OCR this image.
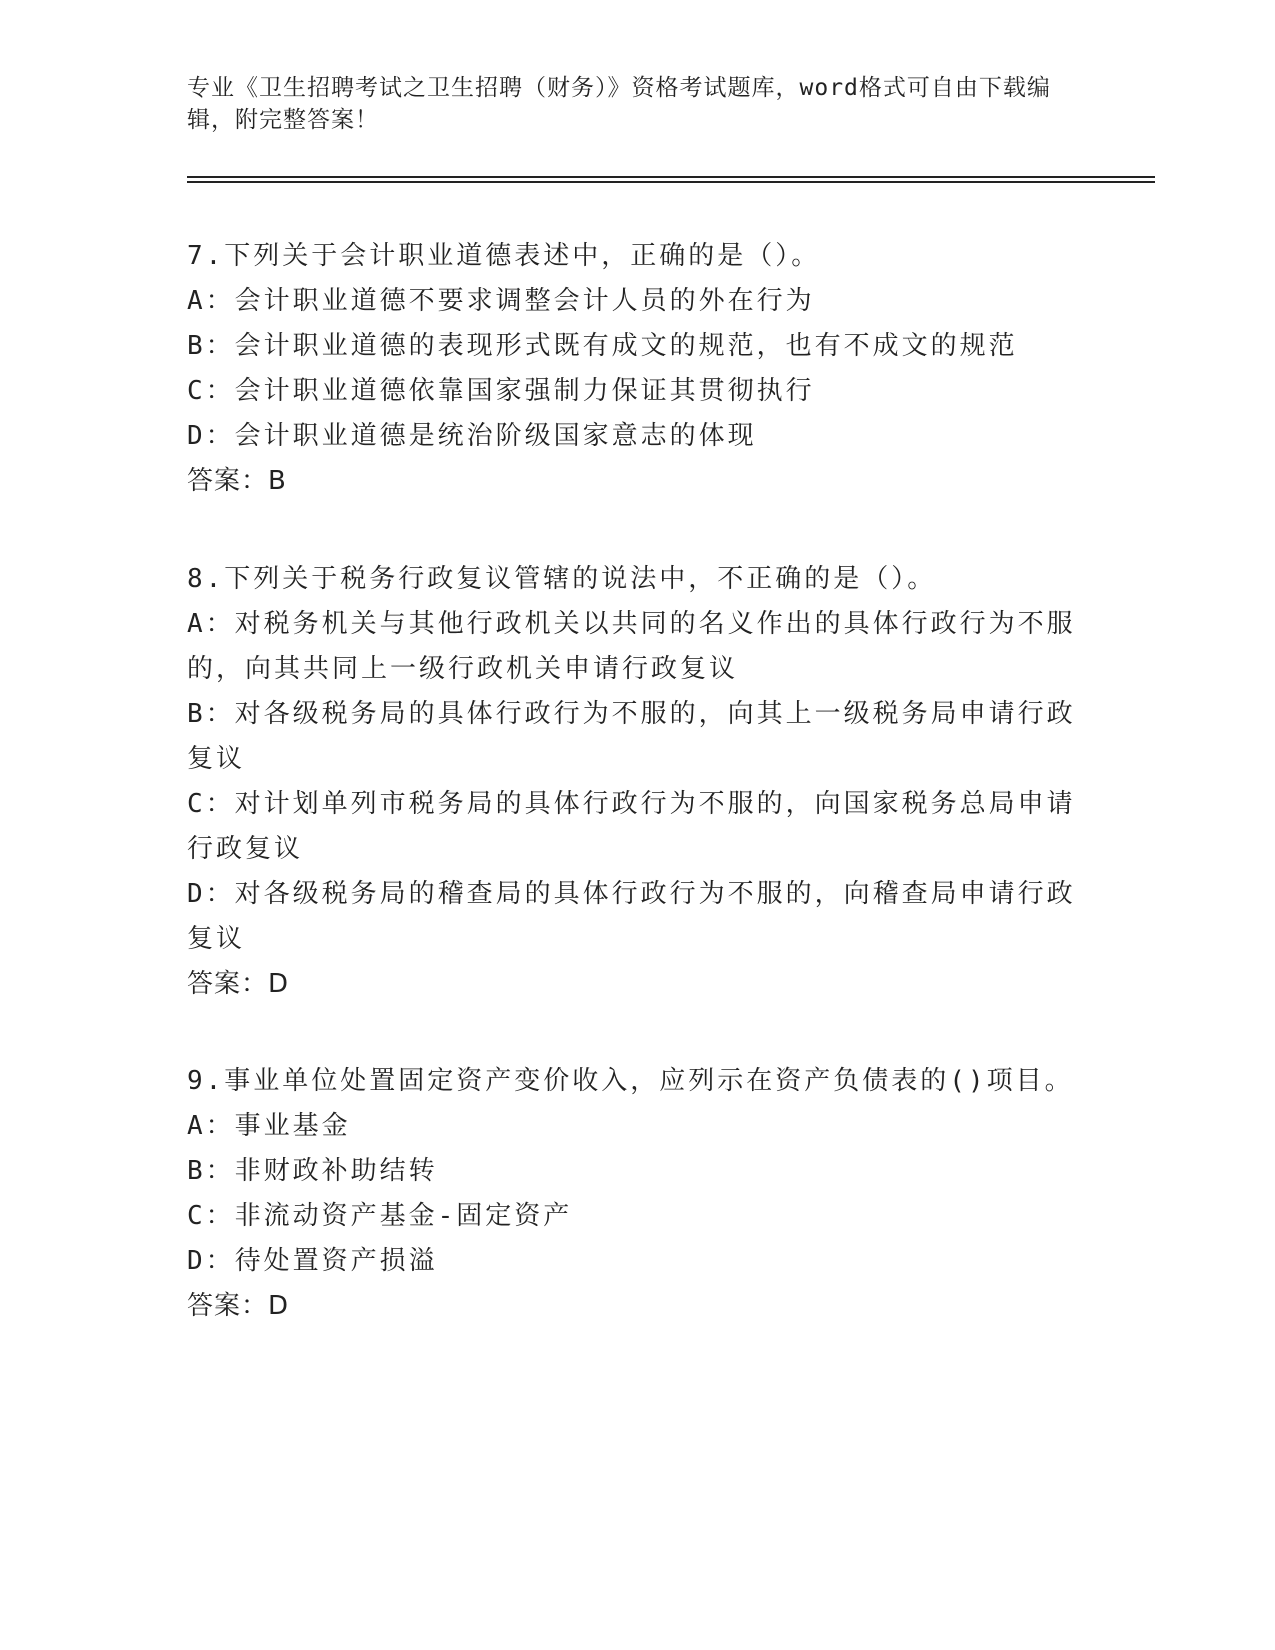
专业《卫生招聘考试之卫生招聘（财务）》资格考试题库，word格式可自由下载编辑，附完整答案！
7.下列关于会计职业道德表述中，正确的是（）。
A：会计职业道德不要求调整会计人员的外在行为
B：会计职业道德的表现形式既有成文的规范，也有不成文的规范
C：会计职业道德依靠国家强制力保证其贯彻执行
D：会计职业道德是统治阶级国家意志的体现
答案：B
8.下列关于税务行政复议管辖的说法中，不正确的是（）。
A：对税务机关与其他行政机关以共同的名义作出的具体行政行为不服的，向其共同上一级行政机关申请行政复议
B：对各级税务局的具体行政行为不服的，向其上一级税务局申请行政复议
C：对计划单列市税务局的具体行政行为不服的，向国家税务总局申请行政复议
D：对各级税务局的稽查局的具体行政行为不服的，向稽查局申请行政复议
答案：D
9.事业单位处置固定资产变价收入，应列示在资产负债表的()项目。
A：事业基金
B：非财政补助结转
C：非流动资产基金-固定资产
D：待处置资产损溢
答案：D
